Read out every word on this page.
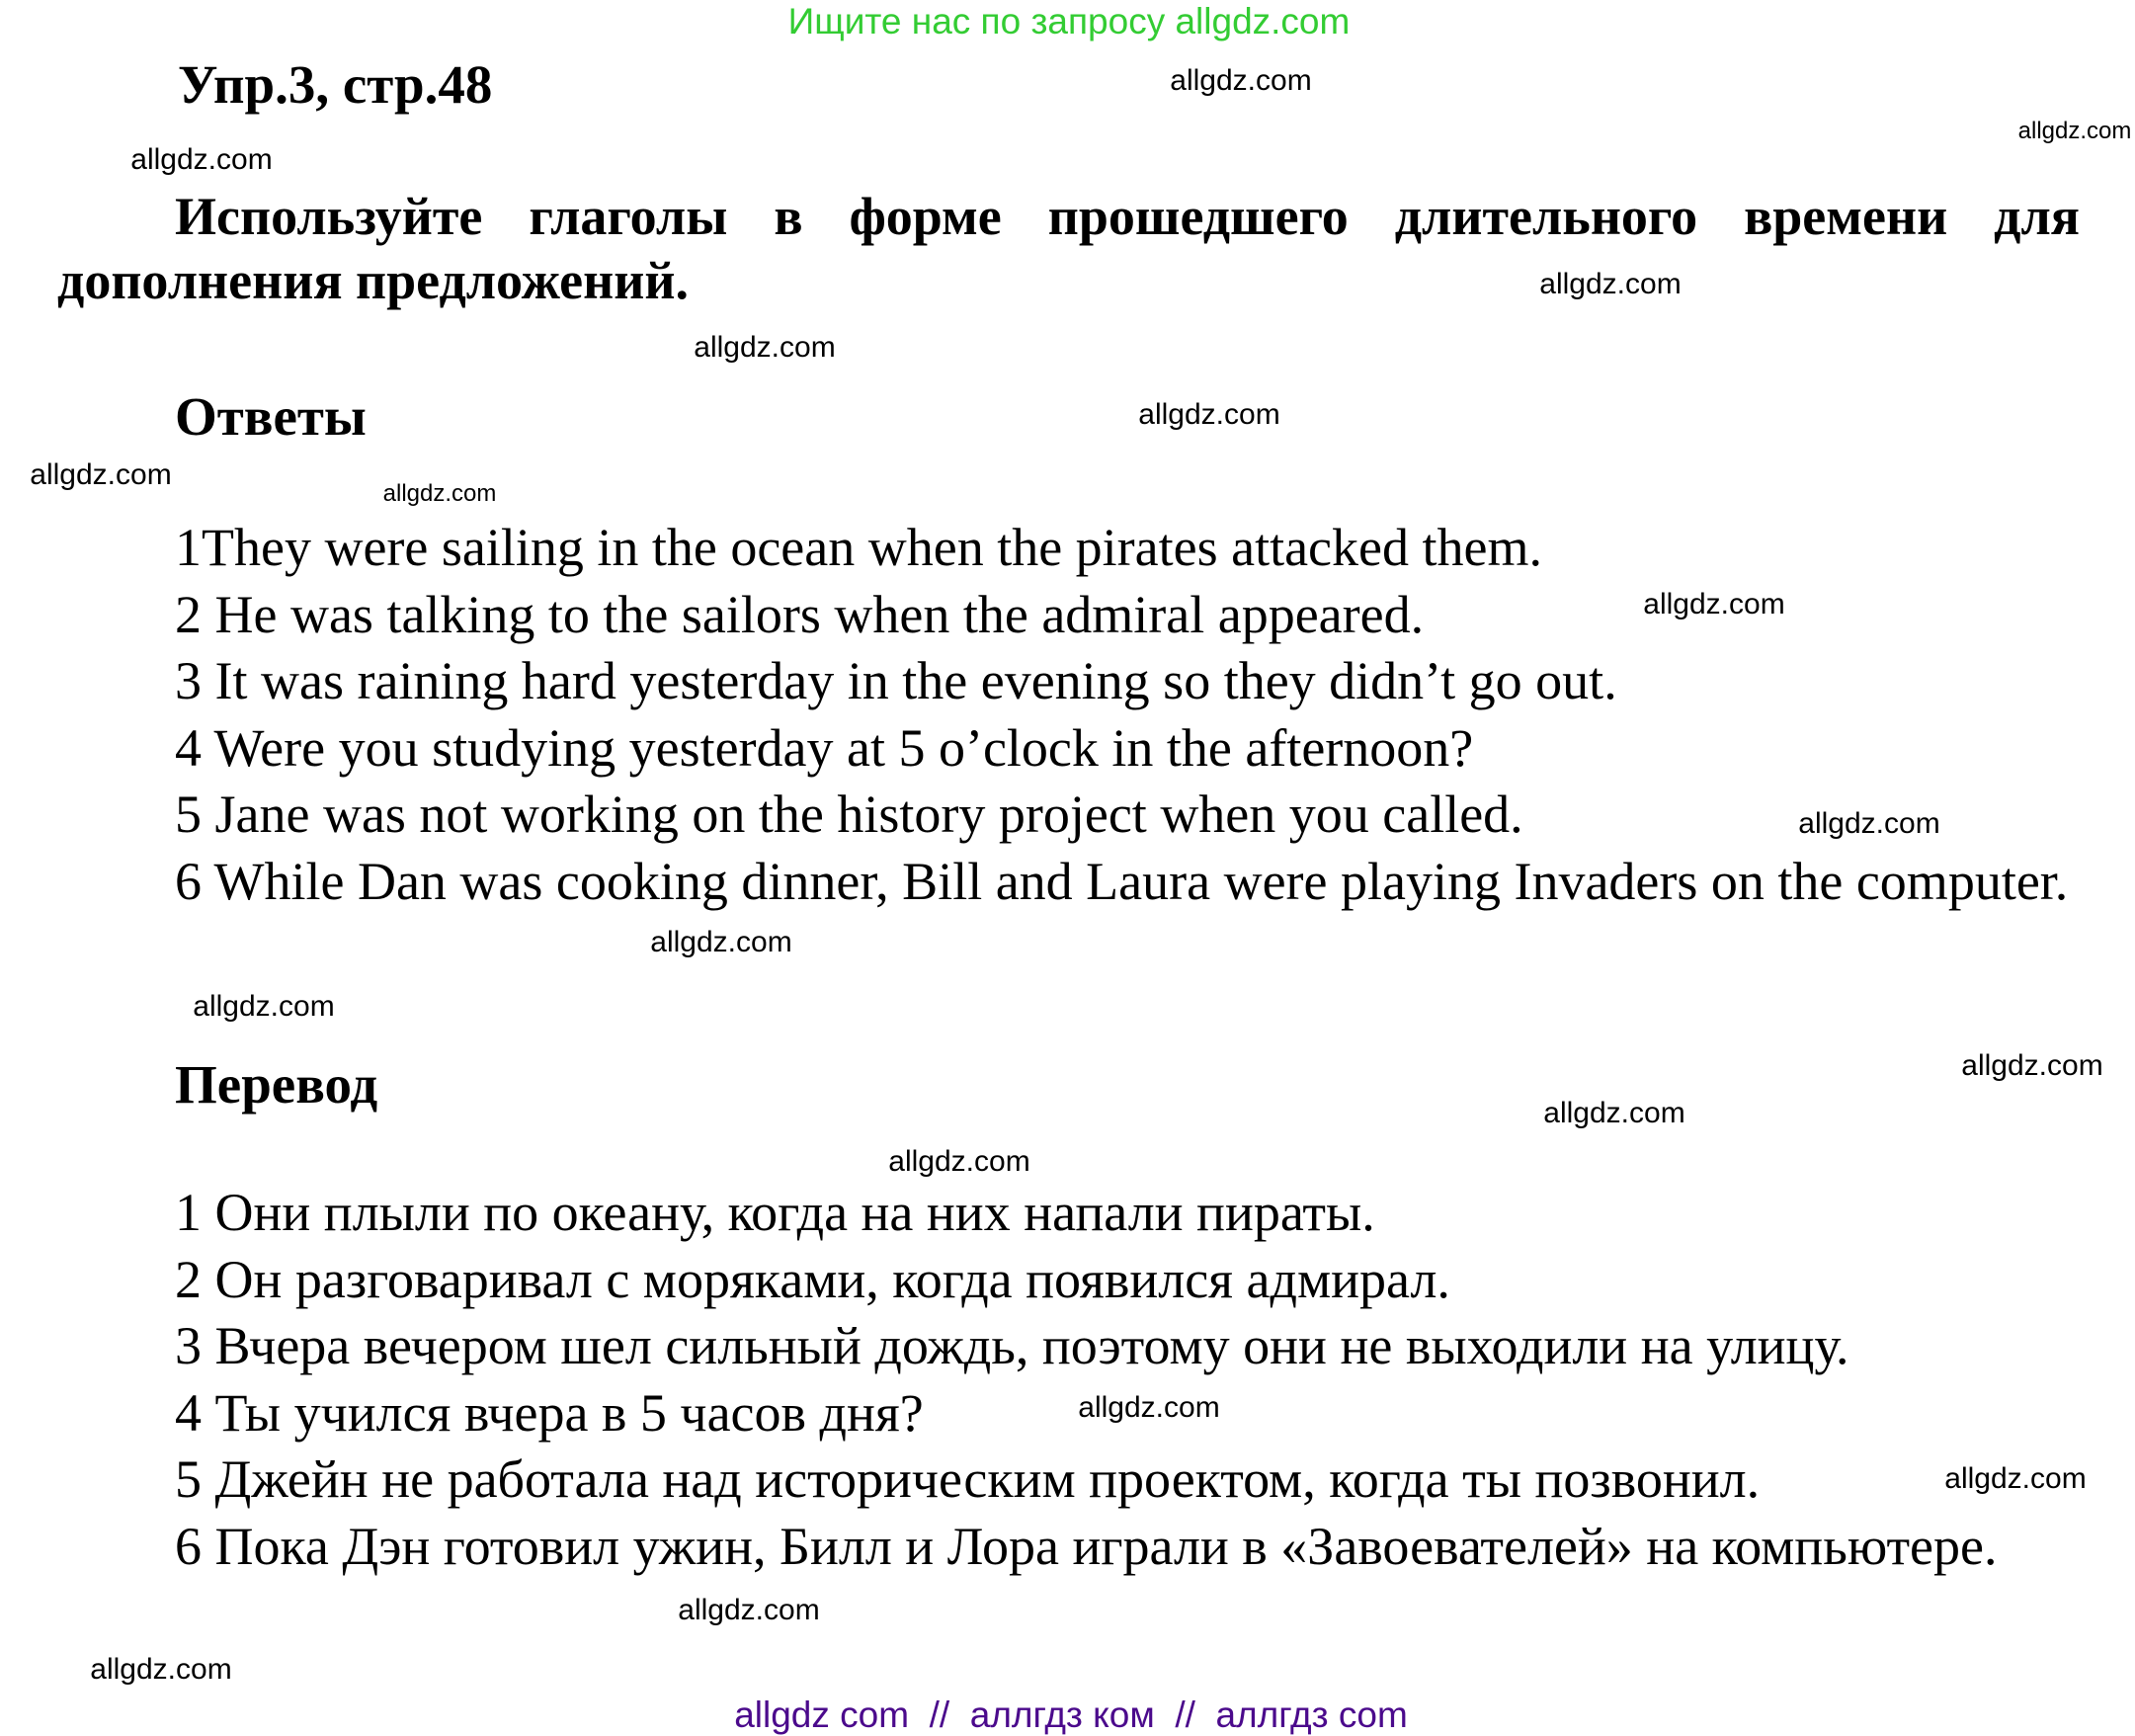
Ищите нас по запросу allgdz.com
Упр.3, стр.48
Используйте глаголы в форме прошедшего длительного времени для дополнения предложений.
Ответы
1They were sailing in the ocean when the pirates attacked them.
2 He was talking to the sailors when the admiral appeared.
3 It was raining hard yesterday in the evening so they didn’t go out.
4 Were you studying yesterday at 5 o’clock in the afternoon?
5 Jane was not working on the history project when you called.
6 While Dan was cooking dinner, Bill and Laura were playing Invaders on the computer.
Перевод
1 Они плыли по океану, когда на них напали пираты.
2 Он разговаривал с моряками, когда появился адмирал.
3 Вчера вечером шел сильный дождь, поэтому они не выходили на улицу.
4 Ты учился вчера в 5 часов дня?
5 Джейн не работала над историческим проектом, когда ты позвонил.
6 Пока Дэн готовил ужин, Билл и Лора играли в «Завоевателей» на компьютере.
allgdz.com
allgdz.com
allgdz.com
allgdz.com
allgdz.com
allgdz.com
allgdz.com
allgdz.com
allgdz.com
allgdz.com
allgdz.com
allgdz.com
allgdz.com
allgdz.com
allgdz.com
allgdz.com
allgdz.com
allgdz.com
allgdz.com
allgdz com  //  аллгдз ком  //  аллгдз com
